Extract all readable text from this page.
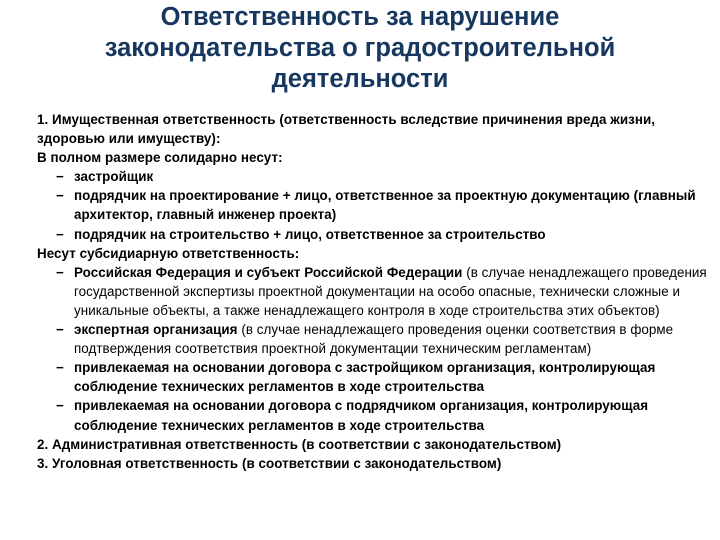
Ответственность за нарушение
законодательства о градостроительной
деятельности

1. Имущественная ответственность (ответственность вследствие причинения вреда жизни, здоровью или имуществу):

В полном размере солидарно несут:

− застройщик
− подрядчик на проектирование + лицо, ответственное за проектную документацию (главный архитектор, главный инженер проекта)
− подрядчик на строительство + лицо, ответственное за строительство

Несут субсидиарную ответственность:

− Российская Федерация и субъект Российской Федерации (в случае ненадлежащего проведения государственной экспертизы проектной документации на особо опасные, технически сложные и уникальные объекты, а также ненадлежащего контроля в ходе строительства этих объектов)
− экспертная организация (в случае ненадлежащего проведения оценки соответствия в форме подтверждения соответствия проектной документации техническим регламентам)
− привлекаемая на основании договора с застройщиком организация, контролирующая соблюдение технических регламентов в ходе строительства
− привлекаемая на основании договора с подрядчиком организация, контролирующая соблюдение технических регламентов в ходе строительства

2. Административная ответственность (в соответствии с законодательством)

3. Уголовная ответственность (в соответствии с законодательством)
